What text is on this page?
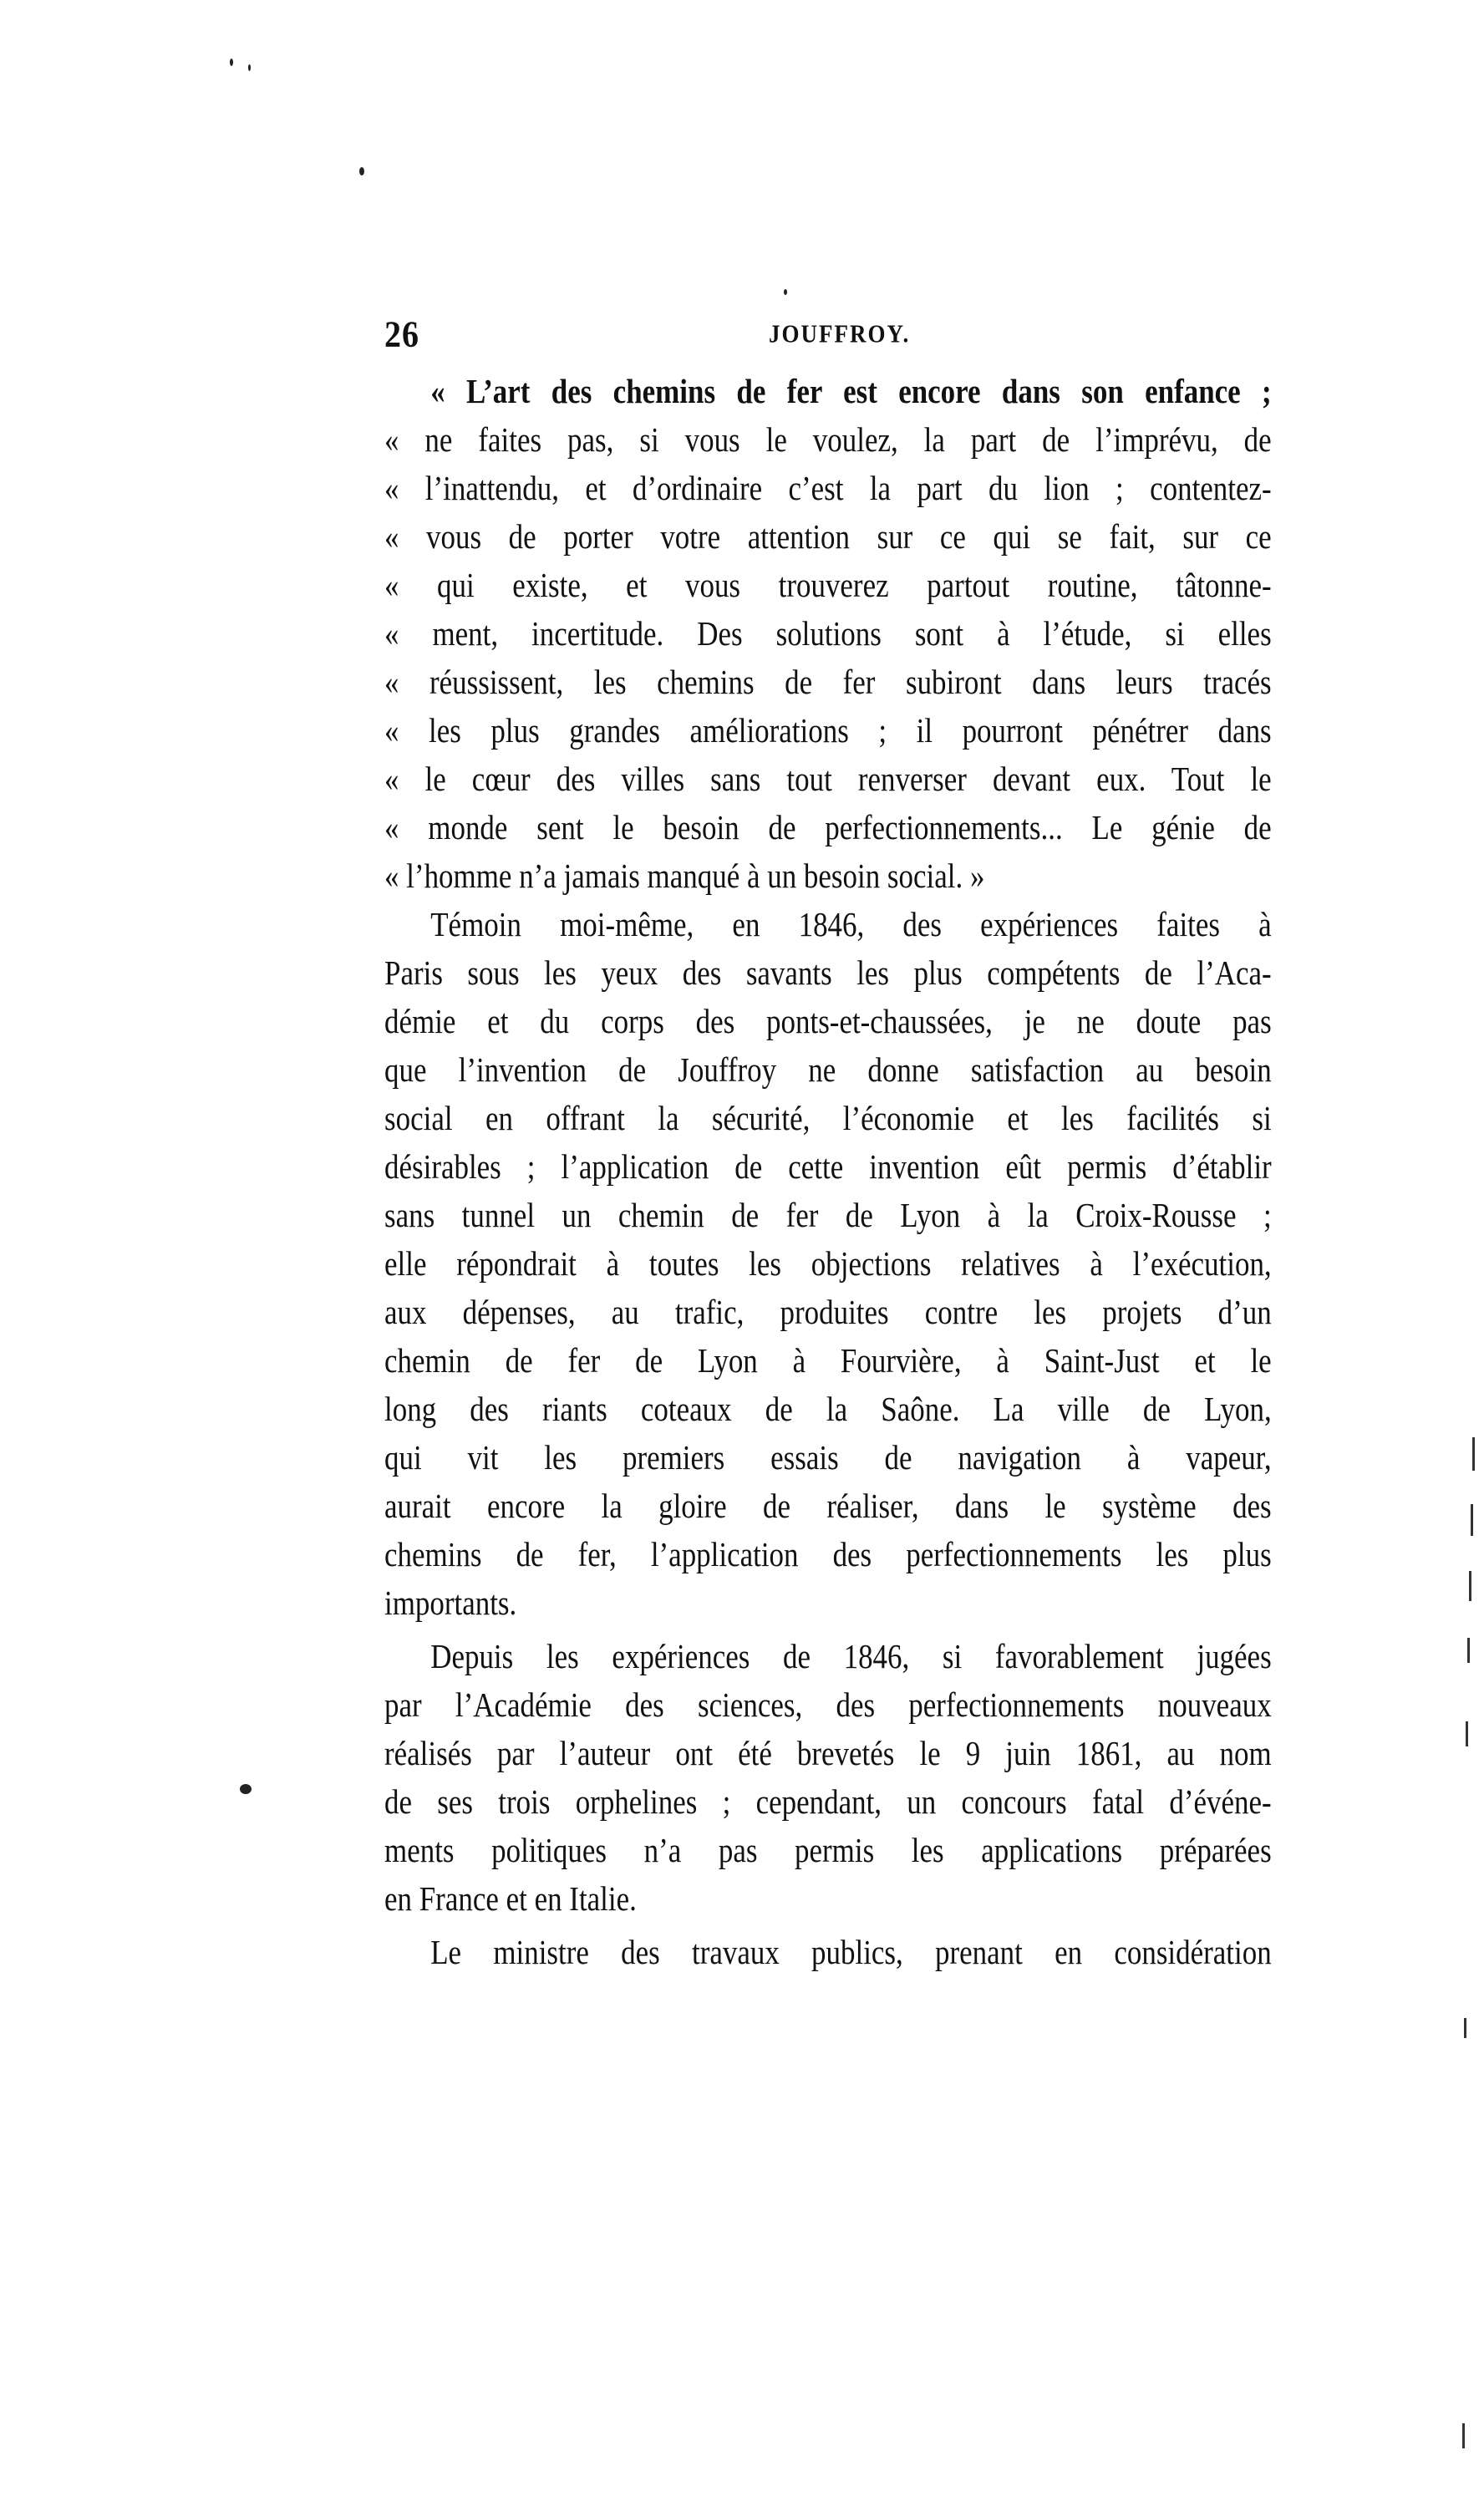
26	JOUFFROY.
« L’art des chemins de fer est encore dans son enfance ;
« ne faites pas, si vous le voulez, la part de l’imprévu, de
« l’inattendu, et d’ordinaire c’est la part du lion ; contentez-
« vous de porter votre attention sur ce qui se fait, sur ce
« qui existe, et vous trouverez partout routine, tâtonne-
« ment, incertitude. Des solutions sont à l’étude, si elles
« réussissent, les chemins de fer subiront dans leurs tracés
« les plus grandes améliorations ; il pourront pénétrer dans
« le cœur des villes sans tout renverser devant eux. Tout le
« monde sent le besoin de perfectionnements... Le génie de
« l’homme n’a jamais manqué à un besoin social. »
Témoin moi-même, en 1846, des expériences faites à
Paris sous les yeux des savants les plus compétents de l’Aca-
démie et du corps des ponts-et-chaussées, je ne doute pas
que l’invention de Jouffroy ne donne satisfaction au besoin
social en offrant la sécurité, l’économie et les facilités si
désirables ; l’application de cette invention eût permis d’établir
sans tunnel un chemin de fer de Lyon à la Croix-Rousse ;
elle répondrait à toutes les objections relatives à l’exécution,
aux dépenses, au trafic, produites contre les projets d’un
chemin de fer de Lyon à Fourvière, à Saint-Just et le
long des riants coteaux de la Saône. La ville de Lyon,
qui vit les premiers essais de navigation à vapeur,
aurait encore la gloire de réaliser, dans le système des
chemins de fer, l’application des perfectionnements les plus
importants.
Depuis les expériences de 1846, si favorablement jugées
par l’Académie des sciences, des perfectionnements nouveaux
réalisés par l’auteur ont été brevetés le 9 juin 1861, au nom
de ses trois orphelines ; cependant, un concours fatal d’événe-
ments politiques n’a pas permis les applications préparées
en France et en Italie.
Le ministre des travaux publics, prenant en considération
